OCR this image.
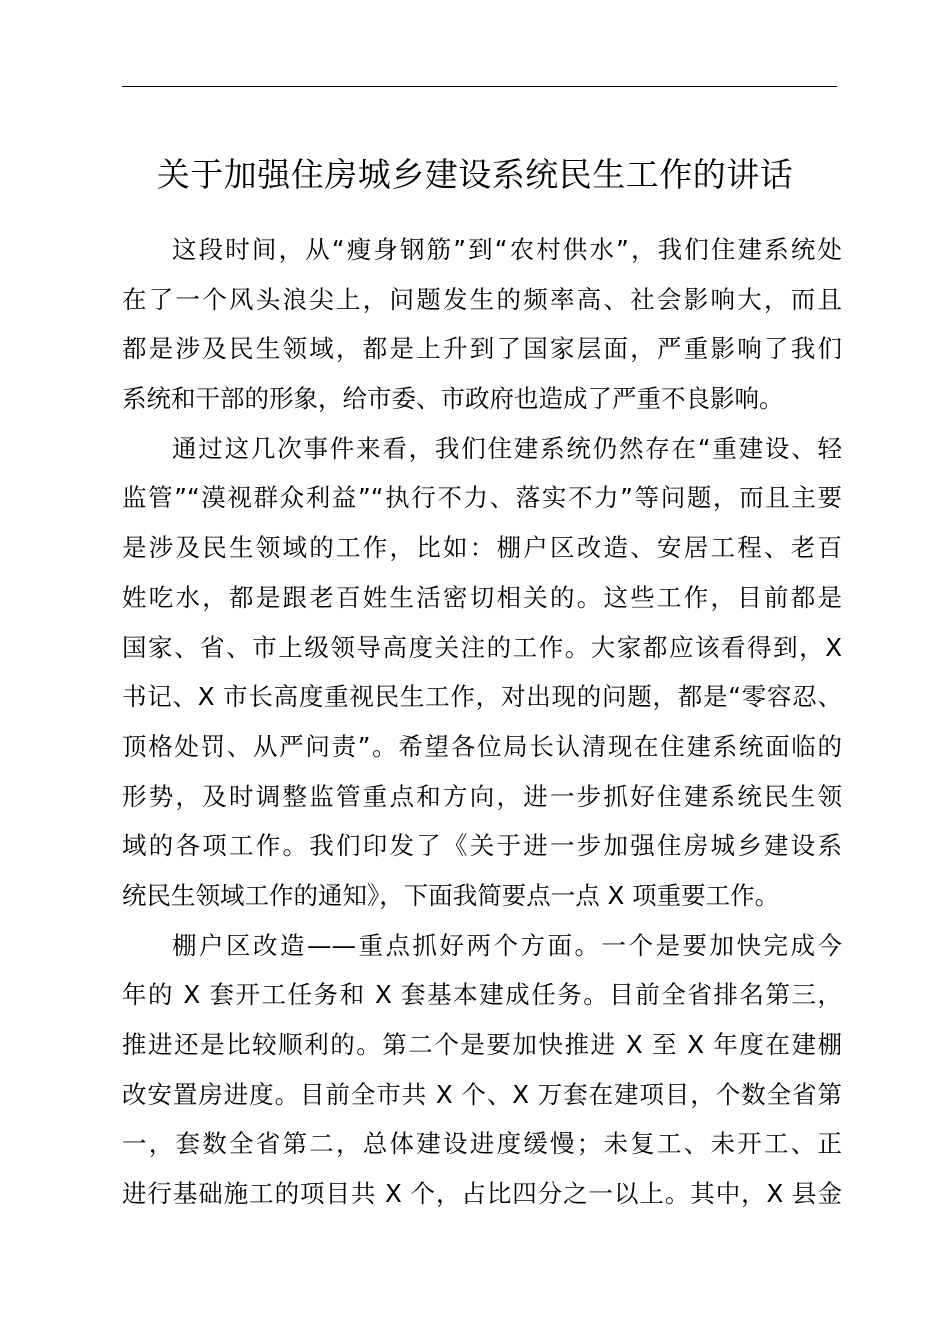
关于加强住房城乡建设系统民生工作的讲话
这段时间，从“瘦身钢筋”到“农村供水”，我们住建系统处
在了一个风头浪尖上，问题发生的频率高、社会影响大，而且
都是涉及民生领域，都是上升到了国家层面，严重影响了我们
系统和干部的形象，给市委、市政府也造成了严重不良影响。
通过这几次事件来看，我们住建系统仍然存在“重建设、轻
监管”“漠视群众利益”“执行不力、落实不力”等问题，而且主要
是涉及民生领域的工作，比如：棚户区改造、安居工程、老百
姓吃水，都是跟老百姓生活密切相关的。这些工作，目前都是
国家、省、市上级领导高度关注的工作。大家都应该看得到，X
书记、X 市长高度重视民生工作，对出现的问题，都是“零容忍、
顶格处罚、从严问责”。希望各位局长认清现在住建系统面临的
形势，及时调整监管重点和方向，进一步抓好住建系统民生领
域的各项工作。我们印发了《关于进一步加强住房城乡建设系
统民生领域工作的通知》，下面我简要点一点 X 项重要工作。
棚户区改造——重点抓好两个方面。一个是要加快完成今
年的 X 套开工任务和 X 套基本建成任务。目前全省排名第三，
推进还是比较顺利的。第二个是要加快推进 X 至 X 年度在建棚
改安置房进度。目前全市共 X 个、X 万套在建项目，个数全省第
一，套数全省第二，总体建设进度缓慢；未复工、未开工、正
进行基础施工的项目共 X 个，占比四分之一以上。其中，X 县金
